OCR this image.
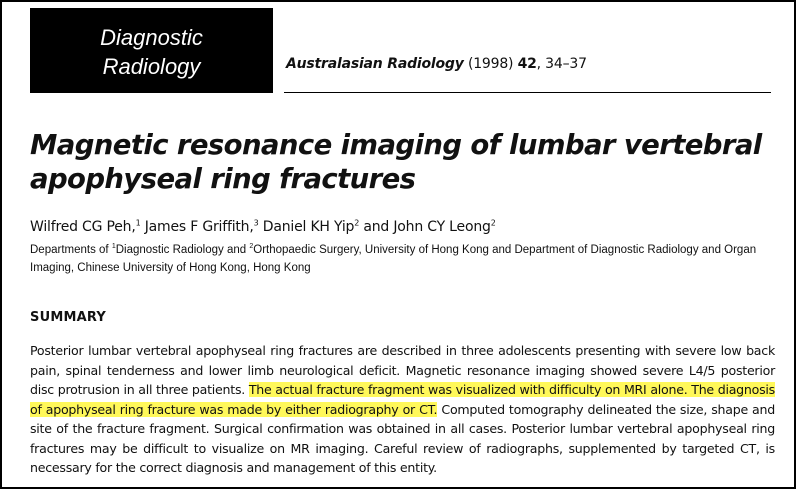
Diagnostic
Radiology	Australasian Radiology (1998) 42, 34–37
Magnetic resonance imaging of lumbar vertebral apophyseal ring fractures
Wilfred CG Peh,$^1$ James F Griffith,$^3$ Daniel KH Yip$^2$ and John CY Leong$^2$
Departments of $^1$Diagnostic Radiology and $^2$Orthopaedic Surgery, University of Hong Kong and Department of Diagnostic Radiology and Organ Imaging, Chinese University of Hong Kong, Hong Kong
SUMMARY
Posterior lumbar vertebral apophyseal ring fractures are described in three adolescents presenting with severe low back pain, spinal tenderness and lower limb neurological deficit. Magnetic resonance imaging showed severe L4/5 posterior disc protrusion in all three patients. The actual fracture fragment was visualized with difficulty on MRI alone. The diagnosis of apophyseal ring fracture was made by either radiography or CT. Computed tomography delineated the size, shape and site of the fracture fragment. Surgical confirmation was obtained in all cases. Posterior lumbar vertebral apophyseal ring fractures may be difficult to visualize on MR imaging. Careful review of radiographs, supplemented by targeted CT, is necessary for the correct diagnosis and management of this entity.
